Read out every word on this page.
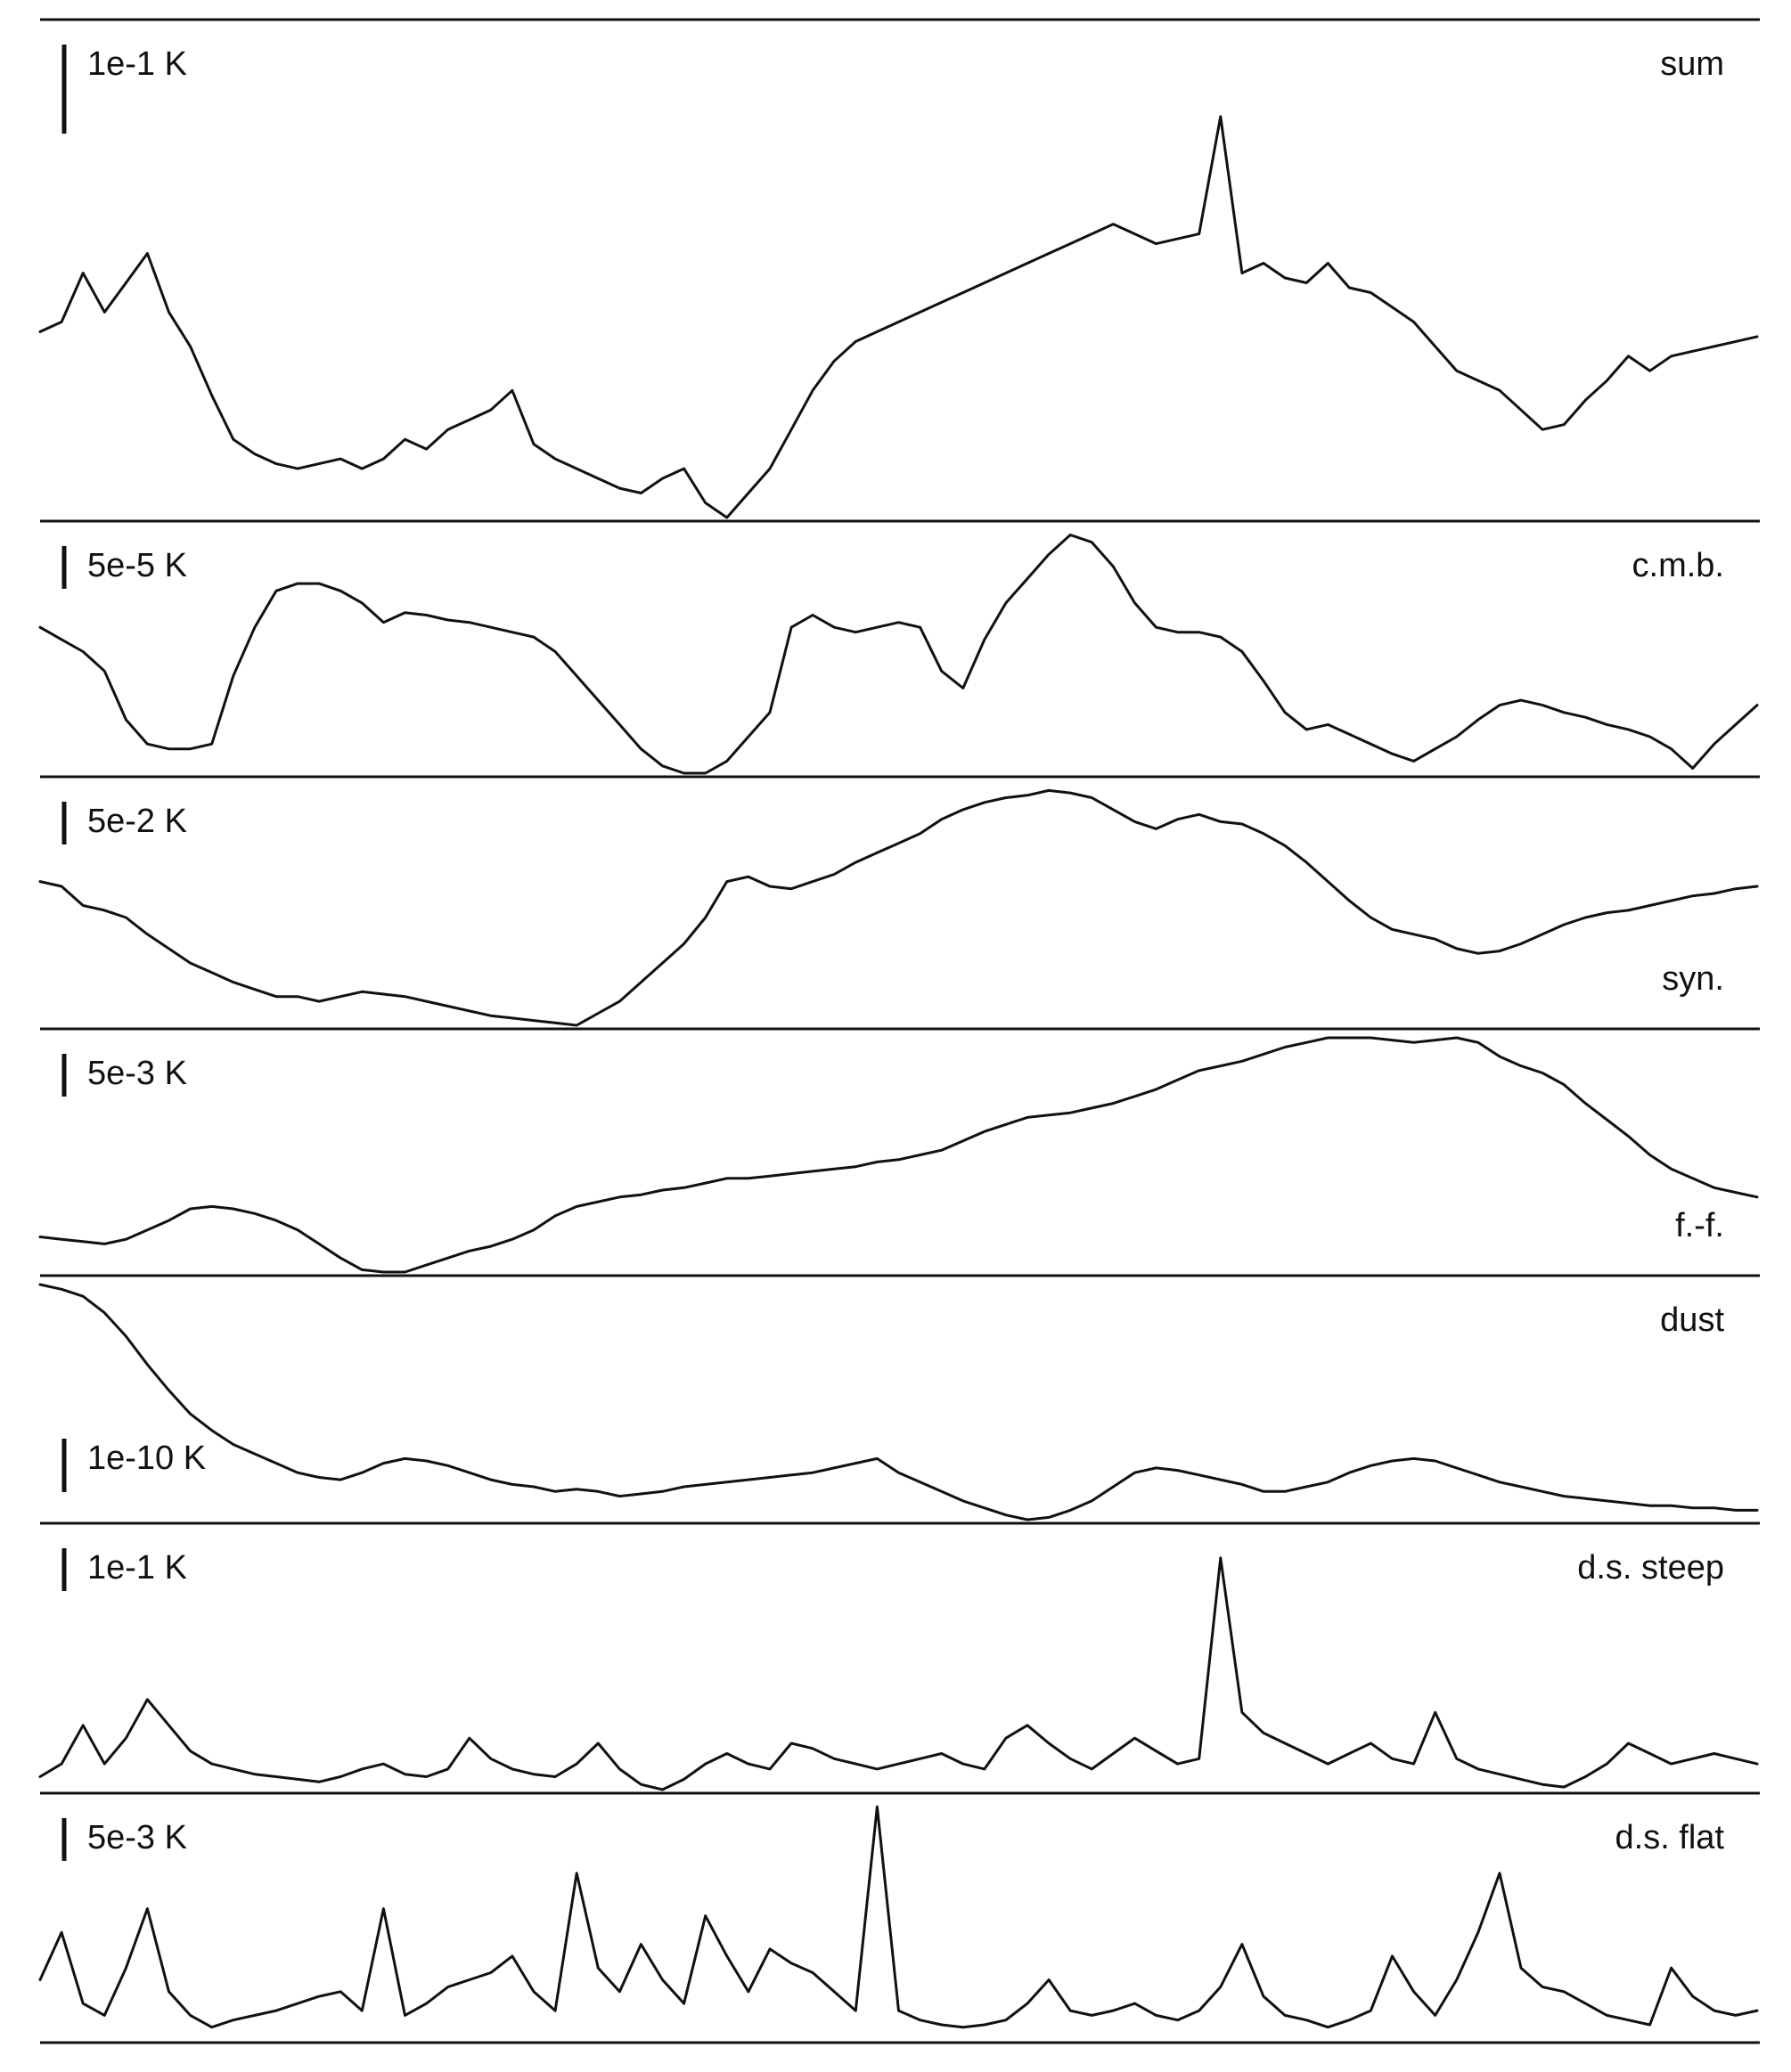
1e-1 K	sum
5e-5 K	c.m.b.
5e-2 K
syn.
5e-3 K
f.-f.
1e-10 K
dust
1e-1 K	d.s. steep
5e-3 K	d.s. flat
